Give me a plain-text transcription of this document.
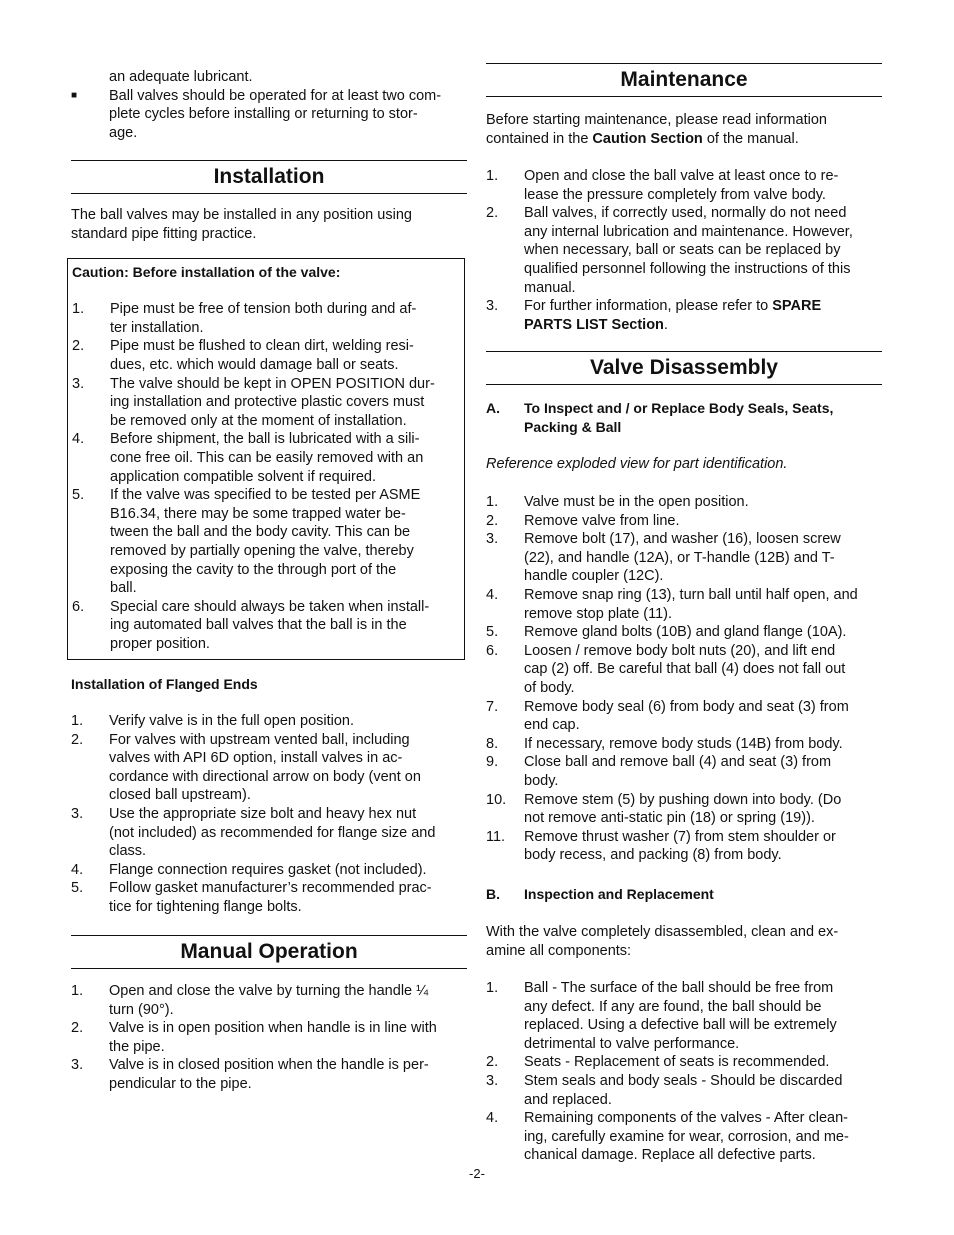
an adequate lubricant.
■ Ball valves should be operated for at least two com-
plete cycles before installing or returning to stor-
age.
Installation

The ball valves may be installed in any position using
standard pipe fitting practice.

Caution: Before installation of the valve:
1. Pipe must be free of tension both during and af-
ter installation.
2. Pipe must be flushed to clean dirt, welding resi-
dues, etc. which would damage ball or seats.
3. The valve should be kept in OPEN POSITION dur-
ing installation and protective plastic covers must
be removed only at the moment of installation.
4. Before shipment, the ball is lubricated with a sili-
cone free oil. This can be easily removed with an
application compatible solvent if required.
5. If the valve was specified to be tested per ASME
B16.34, there may be some trapped water be-
tween the ball and the body cavity. This can be
removed by partially opening the valve, thereby
exposing the cavity to the through port of the
ball.
6. Special care should always be taken when install-
ing automated ball valves that the ball is in the
proper position.
Installation of Flanged Ends
1. Verify valve is in the full open position.
2. For valves with upstream vented ball, including
valves with API 6D option, install valves in ac-
cordance with directional arrow on body (vent on
closed ball upstream).
3. Use the appropriate size bolt and heavy hex nut
(not included) as recommended for flange size and
class.
4. Flange connection requires gasket (not included).
5. Follow gasket manufacturer’s recommended prac-
tice for tightening flange bolts.
Manual Operation
1. Open and close the valve by turning the handle ¼
turn (90°).
2. Valve is in open position when handle is in line with
the pipe.
3. Valve is in closed position when the handle is per-
pendicular to the pipe.
Maintenance

Before starting maintenance, please read information
contained in the Caution Section of the manual.

1. Open and close the ball valve at least once to re-
lease the pressure completely from valve body.
2. Ball valves, if correctly used, normally do not need
any internal lubrication and maintenance. However,
when necessary, ball or seats can be replaced by
qualified personnel following the instructions of this
manual.
3. For further information, please refer to SPARE
PARTS LIST Section.
Valve Disassembly
A. To Inspect and / or Replace Body Seals, Seats,
Packing & Ball

Reference exploded view for part identification.

1. Valve must be in the open position.
2. Remove valve from line.
3. Remove bolt (17), and washer (16), loosen screw
(22), and handle (12A), or T-handle (12B) and T-
handle coupler (12C).
4. Remove snap ring (13), turn ball until half open, and
remove stop plate (11).
5. Remove gland bolts (10B) and gland flange (10A).
6. Loosen / remove body bolt nuts (20), and lift end
cap (2) off. Be careful that ball (4) does not fall out
of body.
7. Remove body seal (6) from body and seat (3) from
end cap.
8. If necessary, remove body studs (14B) from body.
9. Close ball and remove ball (4) and seat (3) from
body.
10. Remove stem (5) by pushing down into body. (Do
not remove anti-static pin (18) or spring (19)).
11. Remove thrust washer (7) from stem shoulder or
body recess, and packing (8) from body.
B. Inspection and Replacement

With the valve completely disassembled, clean and ex-
amine all components:

1. Ball - The surface of the ball should be free from
any defect. If any are found, the ball should be
replaced. Using a defective ball will be extremely
detrimental to valve performance.
2. Seats - Replacement of seats is recommended.
3. Stem seals and body seals - Should be discarded
and replaced.
4. Remaining components of the valves - After clean-
ing, carefully examine for wear, corrosion, and me-
chanical damage. Replace all defective parts.
-2-
